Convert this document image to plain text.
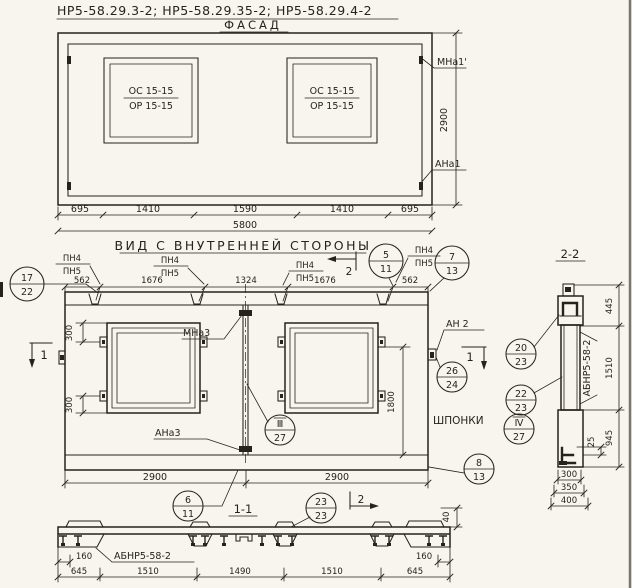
НР5-58.29.3-2; НР5-58.29.35-2; НР5-58.29.4-2
ФАСАД
ОС 15-15
ОР 15-15
ОС 15-15
ОР 15-15
МНа1'
АНа1
2900
695	1410	1590	1410	695
5800
ВИД С ВНУТРЕННЕЙ СТОРОНЫ
562	1676	1324	1676	562
ПН4
ПН5
ПН4
ПН5
ПН4
ПН5
ПН4
ПН5
2
17
22
5
11
7
13
МНа3
АНа3
300
300	1800
АН 2
1	1
26
24
20
23
22
23
ШПОНКИ	Ⅳ
27
Ⅲ
27
8
13
2900	2900
6
11
23
23
2
1-1
40
АБНР5-58-2
160	160
645	1510	1490	1510	645
2-2
АБНР5-58-2
445
1510
945
25
300
350
400
